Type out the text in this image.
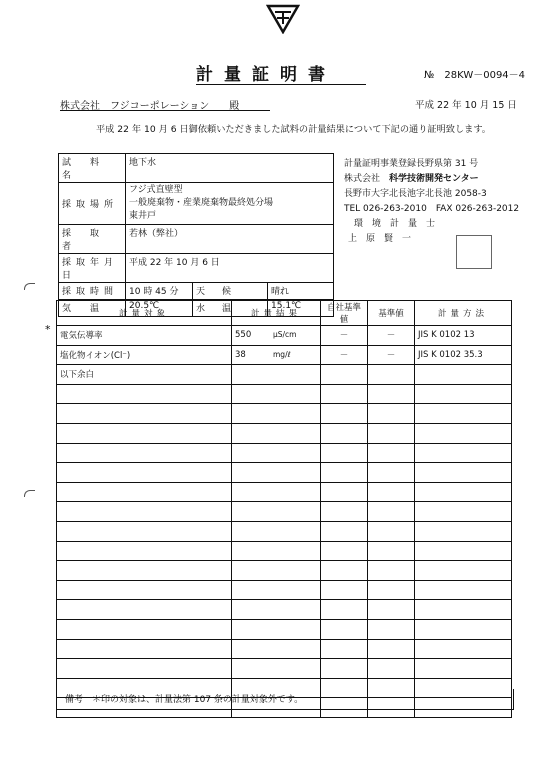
計量証明書	№　 28KW－0094－4
株式会社　フジコーポレーション　　殿	平成 22 年 10 月 15 日
平成 22 年 10 月 6 日御依頼いただきました試料の計量結果について下記の通り証明致します。
試　料　名	地下水		
採取場所	フジ式直壁型
一般廃棄物・産業廃棄物最終処分場
東井戸		

採　取　者	若林（弊社）		
採取年月日	平成 22 年 10 月 6 日		
採取時間	10 時 45 分	天　候	晴れ
気　温	20.5℃	水　温	15.1℃
計量証明事業登録長野県第 31 号
株式会社　 科学技術開発センター
長野市大字北長池字北長池 2058-3
TEL 026-263-2010　FAX 026-263-2012
環　境　計　量　士
上　原　賢　一
*
計量対象	計量結果	自社基準値	基準値	計量方法
電気伝導率	550 μS/cm	－	－	JIS K 0102 13
塩化物イオン(Cl⁻)	38 mg/ℓ	－	－	JIS K 0102 35.3
以下余白				

備考　＊印の対象は、計量法第 107 条の計量対象外です。
